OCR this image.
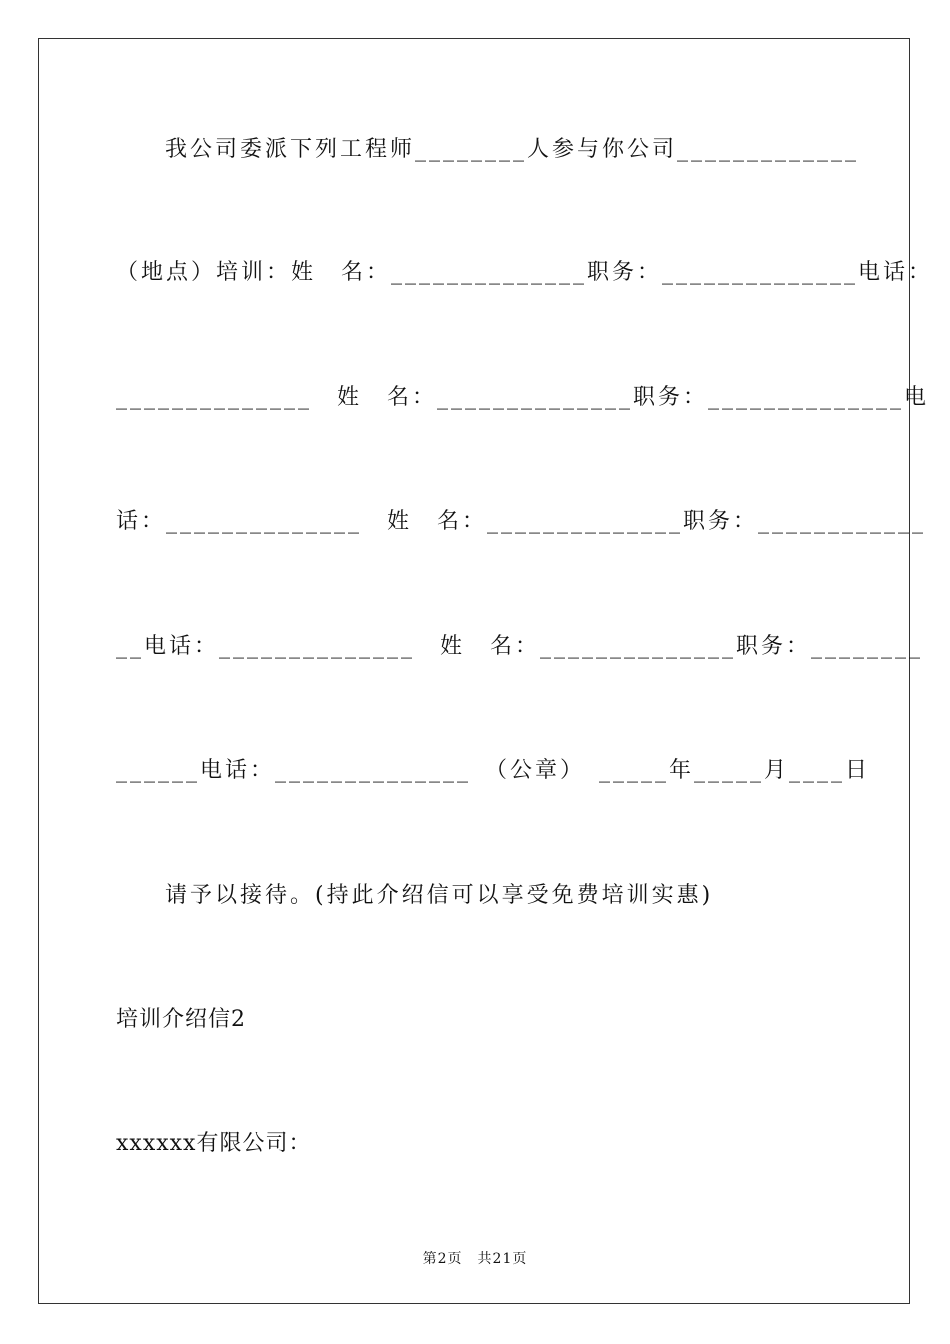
我公司委派下列工程师________人参与你公司_____________
（地点）培训：姓　名：______________职务：______________电话：
______________　姓　名：______________职务：______________电
话：______________　姓　名：______________职务：____________
__电话：______________　姓　名：______________职务：________
______电话：______________　（公章）　_____年_____月____日
请予以接待。(持此介绍信可以享受免费培训实惠)
培训介绍信2
xxxxxx有限公司：
第2页　共21页
